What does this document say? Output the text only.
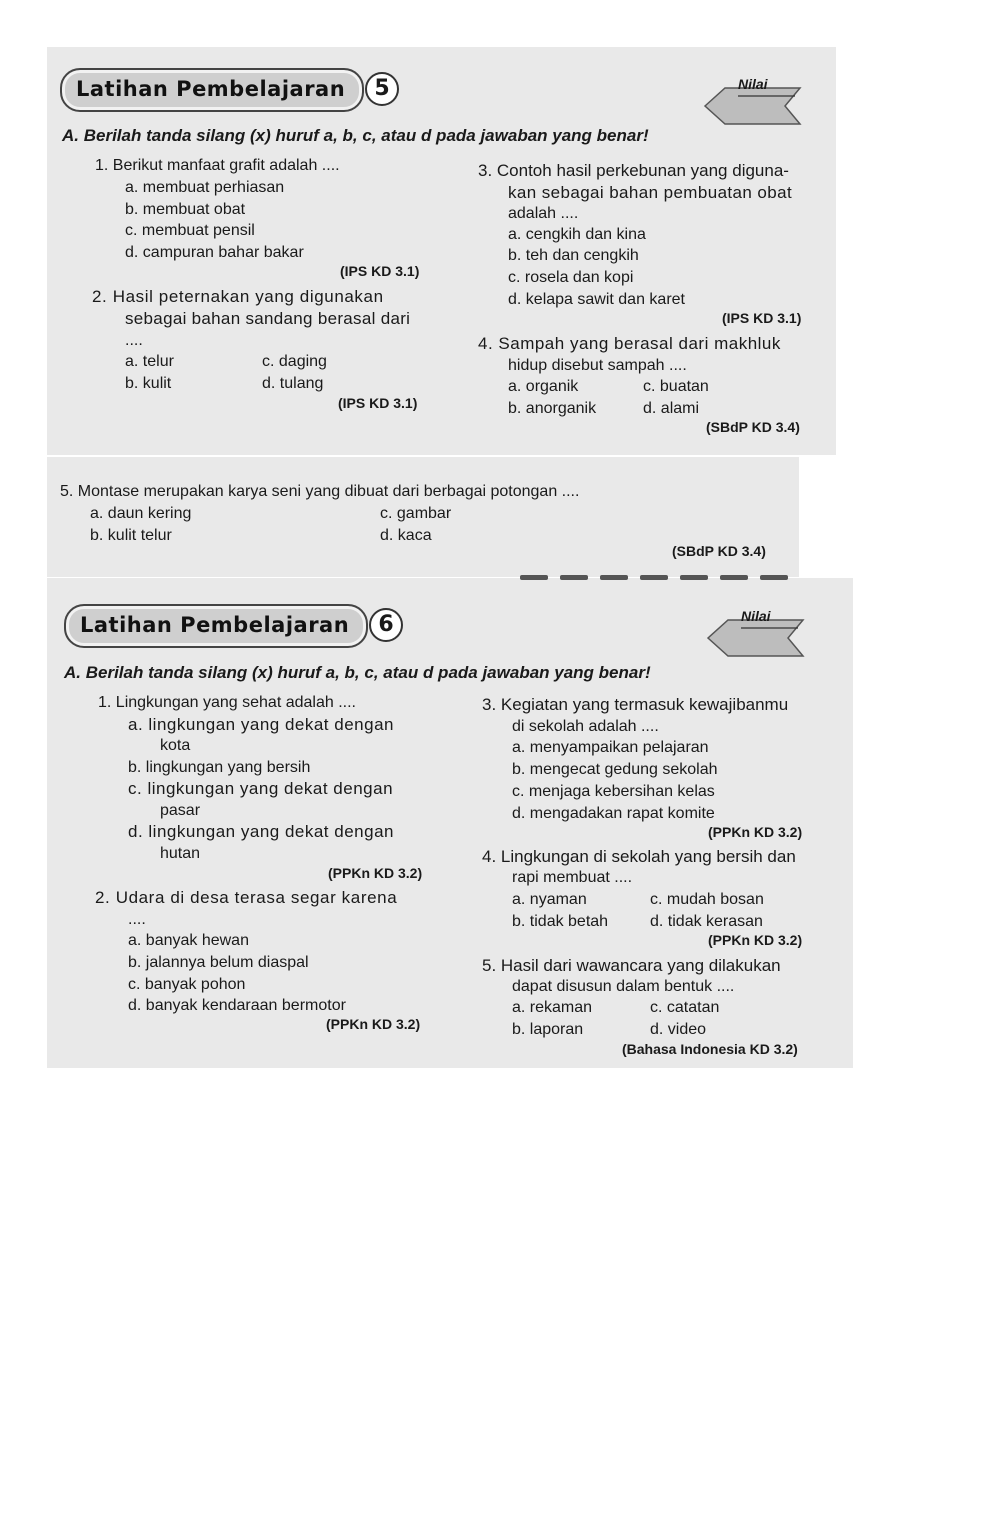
Latihan Pembelajaran	5	Nilai
A. Berilah tanda silang (x) huruf a, b, c, atau d pada jawaban yang benar!
1. Berikut manfaat grafit adalah ....
a. membuat perhiasan
b. membuat obat
c. membuat pensil
d. campuran bahar bakar
(IPS KD 3.1)
2. Hasil peternakan yang digunakan
sebagai bahan sandang berasal dari
....
a. telur	c. daging
b. kulit	d. tulang
(IPS KD 3.1)
3. Contoh hasil perkebunan yang diguna-
kan sebagai bahan pembuatan obat
adalah ....
a. cengkih dan kina
b. teh dan cengkih
c. rosela dan kopi
d. kelapa sawit dan karet
(IPS KD 3.1)
4. Sampah yang berasal dari makhluk
hidup disebut sampah ....
a. organik	c. buatan
b. anorganik	d. alami
(SBdP KD 3.4)
5. Montase merupakan karya seni yang dibuat dari berbagai potongan ....
a. daun kering	c. gambar
b. kulit telur	d. kaca
(SBdP KD 3.4)
Latihan Pembelajaran	6	Nilai
A. Berilah tanda silang (x) huruf a, b, c, atau d pada jawaban yang benar!
1. Lingkungan yang sehat adalah ....
a. lingkungan yang dekat dengan
kota
b. lingkungan yang bersih
c. lingkungan yang dekat dengan
pasar
d. lingkungan yang dekat dengan
hutan
(PPKn KD 3.2)
2. Udara di desa terasa segar karena
....
a. banyak hewan
b. jalannya belum diaspal
c. banyak pohon
d. banyak kendaraan bermotor
(PPKn KD 3.2)
3. Kegiatan yang termasuk kewajibanmu
di sekolah adalah ....
a. menyampaikan pelajaran
b. mengecat gedung sekolah
c. menjaga kebersihan kelas
d. mengadakan rapat komite
(PPKn KD 3.2)
4. Lingkungan di sekolah yang bersih dan
rapi membuat ....
a. nyaman	c. mudah bosan
b. tidak betah	d. tidak kerasan
(PPKn KD 3.2)
5. Hasil dari wawancara yang dilakukan
dapat disusun dalam bentuk ....
a. rekaman	c. catatan
b. laporan	d. video
(Bahasa Indonesia KD 3.2)
